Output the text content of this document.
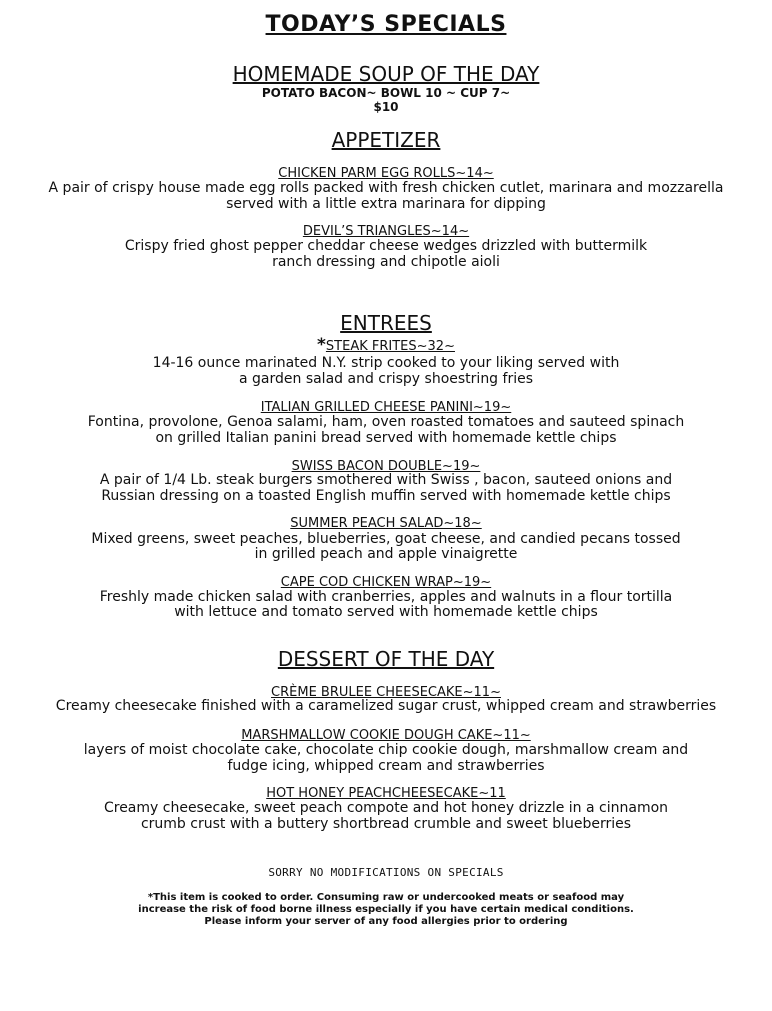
TODAY’S SPECIALS
HOMEMADE SOUP OF THE DAY
POTATO BACON~ BOWL 10 ~ CUP 7~
$10
APPETIZER
CHICKEN PARM EGG ROLLS~14~
A pair of crispy house made egg rolls packed with fresh chicken cutlet, marinara and mozzarella
served with a little extra marinara for dipping
DEVIL’S TRIANGLES~14~
Crispy fried ghost pepper cheddar cheese wedges drizzled with buttermilk
ranch dressing and chipotle aioli
ENTREES
*STEAK FRITES~32~
14-16 ounce marinated N.Y. strip cooked to your liking served with
a garden salad and crispy shoestring fries
ITALIAN GRILLED CHEESE PANINI~19~
Fontina, provolone, Genoa salami, ham, oven roasted tomatoes and sauteed spinach
on grilled Italian panini bread served with homemade kettle chips
SWISS BACON DOUBLE~19~
A pair of 1/4 Lb. steak burgers smothered with Swiss , bacon, sauteed onions and
Russian dressing on a toasted English muffin served with homemade kettle chips
SUMMER PEACH SALAD~18~
Mixed greens, sweet peaches, blueberries, goat cheese, and candied pecans tossed
in grilled peach and apple vinaigrette
CAPE COD CHICKEN WRAP~19~
Freshly made chicken salad with cranberries, apples and walnuts in a flour tortilla
with lettuce and tomato served with homemade kettle chips
DESSERT OF THE DAY
CRÈME BRULEE CHEESECAKE~11~
Creamy cheesecake finished with a caramelized sugar crust, whipped cream and strawberries
MARSHMALLOW COOKIE DOUGH CAKE~11~
layers of moist chocolate cake, chocolate chip cookie dough, marshmallow cream and
fudge icing, whipped cream and strawberries
HOT HONEY PEACHCHEESECAKE~11
Creamy cheesecake, sweet peach compote and hot honey drizzle in a cinnamon
crumb crust with a buttery shortbread crumble and sweet blueberries
SORRY NO MODIFICATIONS ON SPECIALS
*This item is cooked to order. Consuming raw or undercooked meats or seafood may
increase the risk of food borne illness especially if you have certain medical conditions.
Please inform your server of any food allergies prior to ordering
